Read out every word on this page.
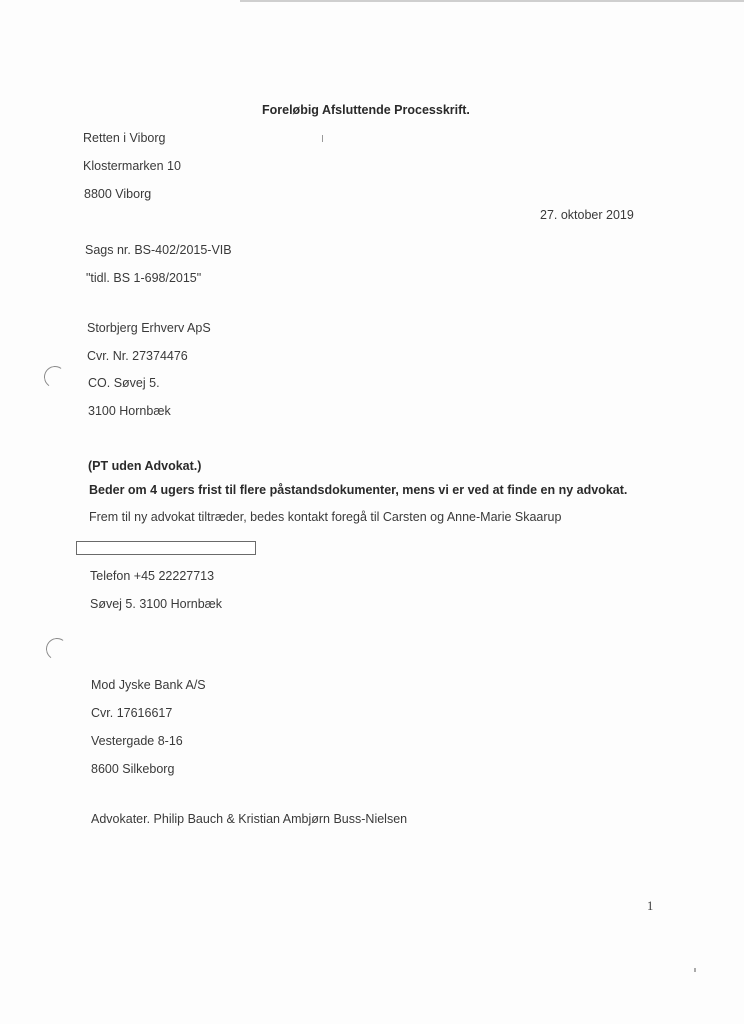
Foreløbig Afsluttende Processkrift.
Retten i Viborg
Klostermarken 10
8800 Viborg
27. oktober 2019
Sags nr. BS-402/2015-VIB
"tidl. BS 1-698/2015"
Storbjerg Erhverv ApS
Cvr. Nr. 27374476
CO. Søvej 5.
3100 Hornbæk
(PT uden Advokat.)
Beder om 4 ugers frist til flere påstandsdokumenter, mens vi er ved at finde en ny advokat.
Frem til ny advokat tiltræder, bedes kontakt foregå til Carsten og Anne-Marie Skaarup
Telefon +45 22227713
Søvej 5. 3100 Hornbæk
Mod Jyske Bank A/S
Cvr. 17616617
Vestergade 8-16
8600 Silkeborg
Advokater. Philip Bauch & Kristian Ambjørn Buss-Nielsen
1
